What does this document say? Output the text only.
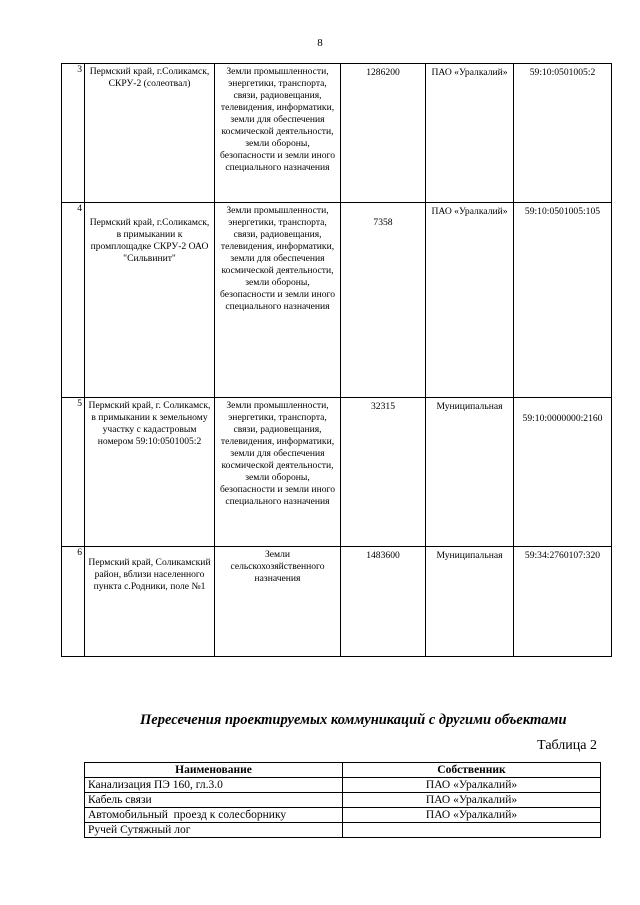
8
3	Пермский край, г.Соликамск, СКРУ-2 (солеотвал)	Земли промышленности, энергетики, транспорта, связи, радиовещания, телевидения, информатики, земли для обеспечения космической деятельности, земли обороны, безопасности и земли иного специального назначения	1286200	ПАО «Уралкалий»	59:10:0501005:2
4	Пермский край, г.Соликамск, в примыкании к промплощадке СКРУ-2 ОАО "Сильвинит"	Земли промышленности, энергетики, транспорта, связи, радиовещания, телевидения, информатики, земли для обеспечения космической деятельности, земли обороны, безопасности и земли иного специального назначения	7358	ПАО «Уралкалий»	59:10:0501005:105
5	Пермский край, г. Соликамск, в примыкании к земельному участку с кадастровым номером 59:10:0501005:2	Земли промышленности, энергетики, транспорта, связи, радиовещания, телевидения, информатики, земли для обеспечения космической деятельности, земли обороны, безопасности и земли иного специального назначения	32315	Муниципальная	59:10:0000000:2160
6	Пермский край, Соликамский район, вблизи населенного пункта с.Родники, поле №1	Земли сельскохозяйственного назначения	1483600	Муниципальная	59:34:2760107:320
Пересечения проектируемых коммуникаций с другими объектами
Таблица 2
Наименование	Собственник
Канализация ПЭ 160, гл.3.0	ПАО «Уралкалий»
Кабель связи	ПАО «Уралкалий»
Автомобильный  проезд к солесборнику	ПАО «Уралкалий»
Ручей Сутяжный лог	
